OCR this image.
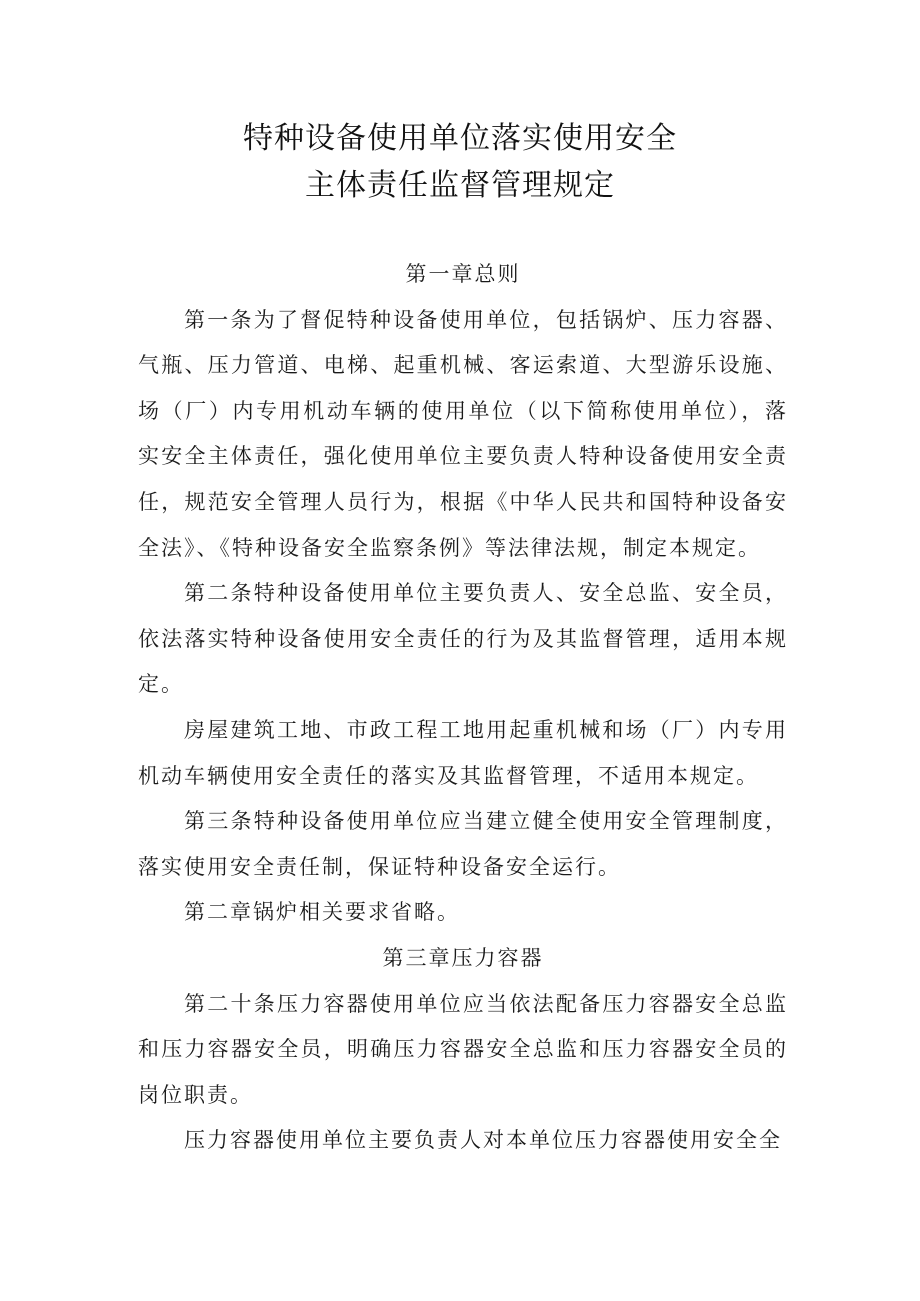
特种设备使用单位落实使用安全
主体责任监督管理规定

第一章总则

第一条为了督促特种设备使用单位，包括锅炉、压力容器、气瓶、压力管道、电梯、起重机械、客运索道、大型游乐设施、场（厂）内专用机动车辆的使用单位（以下简称使用单位），落实安全主体责任，强化使用单位主要负责人特种设备使用安全责任，规范安全管理人员行为，根据《中华人民共和国特种设备安全法》、《特种设备安全监察条例》等法律法规，制定本规定。

第二条特种设备使用单位主要负责人、安全总监、安全员，依法落实特种设备使用安全责任的行为及其监督管理，适用本规定。

房屋建筑工地、市政工程工地用起重机械和场（厂）内专用机动车辆使用安全责任的落实及其监督管理，不适用本规定。

第三条特种设备使用单位应当建立健全使用安全管理制度，落实使用安全责任制，保证特种设备安全运行。

第二章锅炉相关要求省略。

第三章压力容器

第二十条压力容器使用单位应当依法配备压力容器安全总监和压力容器安全员，明确压力容器安全总监和压力容器安全员的岗位职责。

压力容器使用单位主要负责人对本单位压力容器使用安全全
